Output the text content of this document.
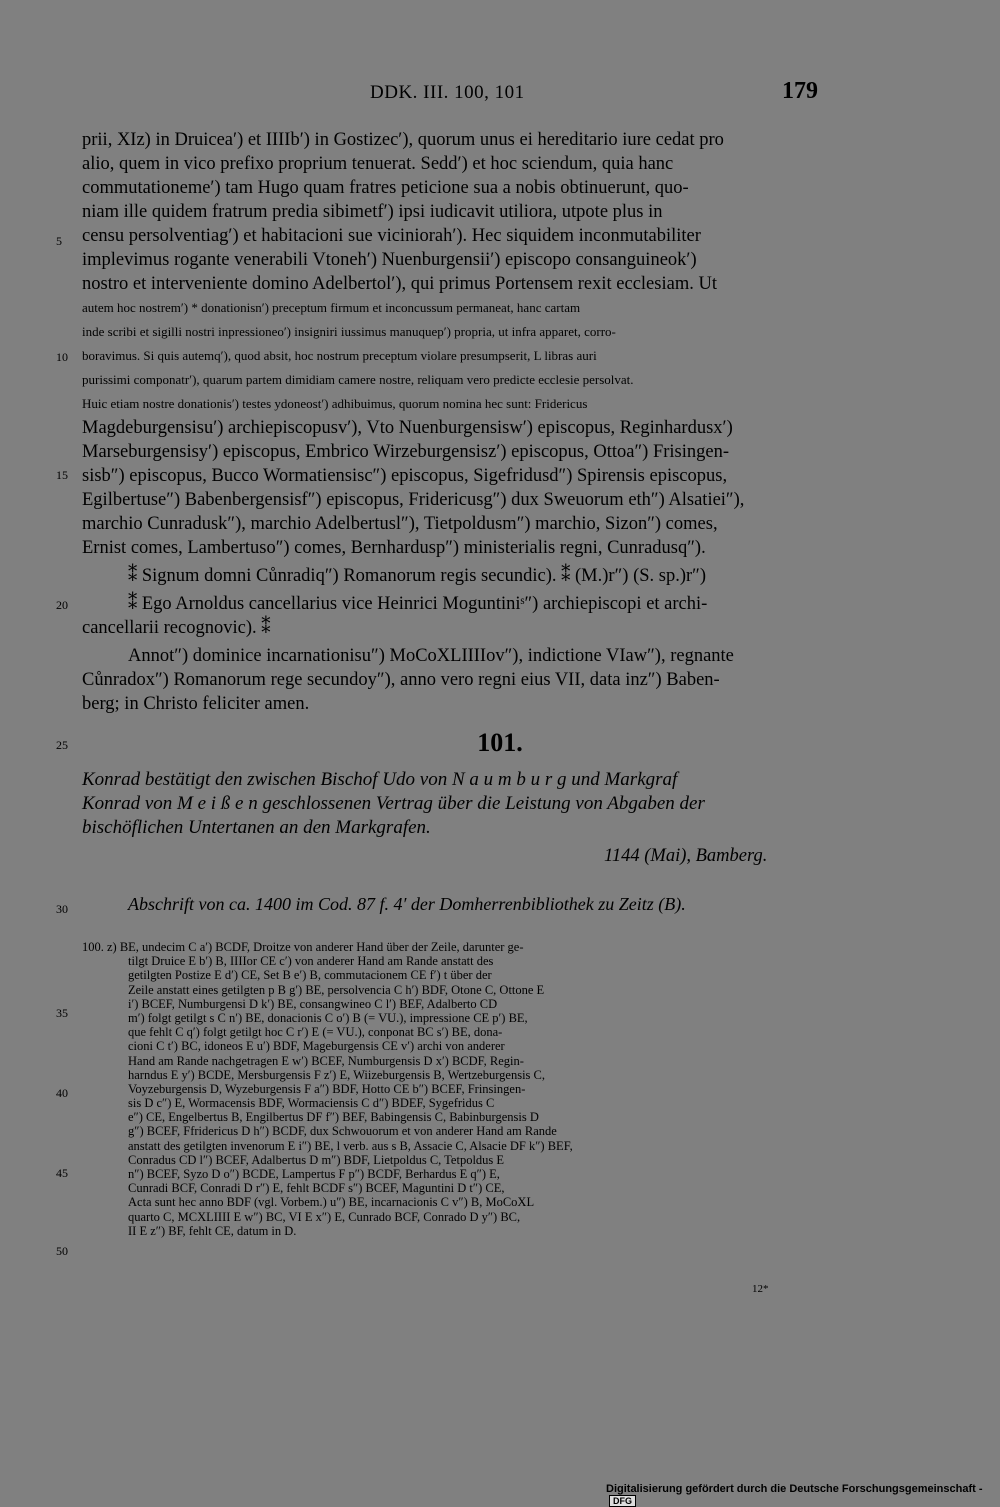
DDK. III. 100, 101	179
prii, XIz) in Druicea′) et IIIIb′) in Gostizec′), quorum unus ei hereditario iure cedat pro
alio, quem in vico prefixo proprium tenuerat. Sedd′) et hoc sciendum, quia hanc
commutationeme′) tam Hugo quam fratres peticione sua a nobis obtinuerunt, quo-
niam ille quidem fratrum predia sibimetf′) ipsi iudicavit utiliora, utpote plus in
censu persolventiag′) et habitacioni sue viciniorah′). Hec siquidem inconmutabiliter
implevimus rogante venerabili Vtoneh′) Nuenburgensii′) episcopo consanguineok′)
nostro et interveniente domino Adelbertol′), qui primus Portensem rexit ecclesiam. Ut
autem hoc nostrem′) * donationisn′) preceptum firmum et inconcussum permaneat, hanc cartam
inde scribi et sigilli nostri inpressioneo′) insigniri iussimus manuquep′) propria, ut infra apparet, corro-
boravimus. Si quis autemq′), quod absit, hoc nostrum preceptum violare presumpserit, L libras auri
purissimi componatr′), quarum partem dimidiam camere nostre, reliquam vero predicte ecclesie persolvat.
Huic etiam nostre donationis′) testes ydoneost′) adhibuimus, quorum nomina hec sunt: Fridericus
Magdeburgensisu′) archiepiscopusv′), Vto Nuenburgensisw′) episcopus, Reginhardusx′)
Marseburgensisy′) episcopus, Embrico Wirzeburgensisz′) episcopus, Ottoa″) Frisingen-
sisb″) episcopus, Bucco Wormatiensisc″) episcopus, Sigefridusd″) Spirensis episcopus,
Egilbertuse″) Babenbergensisf″) episcopus, Fridericusg″) dux Sweuorum eth″) Alsatiei″),
marchio Cunradusk″), marchio Adelbertusl″), Tietpoldusm″) marchio, Sizon″) comes,
Ernist comes, Lambertuso″) comes, Bernhardusp″) ministerialis regni, Cunradusq″).
⁑ Signum domni Cůnradiq″) Romanorum regis secundic). ⁑ (M.)r″) (S. sp.)r″)
⁑ Ego Arnoldus cancellarius vice Heinrici Moguntiniˢ″) archiepiscopi et archi-
cancellarii recognovic). ⁑
Annot″) dominice incarnationisu″) MoCoXLIIIIov″), indictione VIaw″), regnante
Cůnradox″) Romanorum rege secundoy″), anno vero regni eius VII, data inz″) Baben-
berg; in Christo feliciter amen.
5
10
15
20
25
30
35
40
45
50
101.
Konrad bestätigt den zwischen Bischof Udo von N a u m b u r g und Markgraf
Konrad von M e i ß e n geschlossenen Vertrag über die Leistung von Abgaben der
bischöflichen Untertanen an den Markgrafen.
1144 (Mai), Bamberg.
Abschrift von ca. 1400 im Cod. 87 f. 4′ der Domherrenbibliothek zu Zeitz (B).
100. z) BE, undecim C a′) BCDF, Droitze von anderer Hand über der Zeile, darunter ge-
tilgt Druice E b′) B, IIIIor CE c′) von anderer Hand am Rande anstatt des
getilgten Postize E d′) CE, Set B e′) B, commutacionem CE f′) t über der
Zeile anstatt eines getilgten p B g′) BE, persolvencia C h′) BDF, Otone C, Ottone E
i′) BCEF, Numburgensi D k′) BE, consangwineo C l′) BEF, Adalberto CD
m′) folgt getilgt s C n′) BE, donacionis C o′) B (= VU.), impressione CE p′) BE,
que fehlt C q′) folgt getilgt hoc C r′) E (= VU.), conponat BC s′) BE, dona-
cioni C t′) BC, idoneos E u′) BDF, Mageburgensis CE v′) archi von anderer
Hand am Rande nachgetragen E w′) BCEF, Numburgensis D x′) BCDF, Regin-
harndus E y′) BCDE, Mersburgensis F z′) E, Wiizeburgensis B, Wertzeburgensis C,
Voyzeburgensis D, Wyzeburgensis F a″) BDF, Hotto CE b″) BCEF, Frinsingen-
sis D c″) E, Wormacensis BDF, Wormaciensis C d″) BDEF, Sygefridus C
e″) CE, Engelbertus B, Engilbertus DF f″) BEF, Babingensis C, Babinburgensis D
g″) BCEF, Ffridericus D h″) BCDF, dux Schwouorum et von anderer Hand am Rande
anstatt des getilgten invenorum E i″) BE, l verb. aus s B, Assacie C, Alsacie DF k″) BEF,
Conradus CD l″) BCEF, Adalbertus D m″) BDF, Lietpoldus C, Tetpoldus E
n″) BCEF, Syzo D o″) BCDE, Lampertus F p″) BCDF, Berhardus E q″) E,
Cunradi BCF, Conradi D r″) E, fehlt BCDF s″) BCEF, Maguntini D t″) CE,
Acta sunt hec anno BDF (vgl. Vorbem.) u″) BE, incarnacionis C v″) B, MoCoXL
quarto C, MCXLIIII E w″) BC, VI E x″) E, Cunrado BCF, Conrado D y″) BC,
II E z″) BF, fehlt CE, datum in D.
12*
Digitalisierung gefördert durch die Deutsche Forschungsgemeinschaft -DFG
